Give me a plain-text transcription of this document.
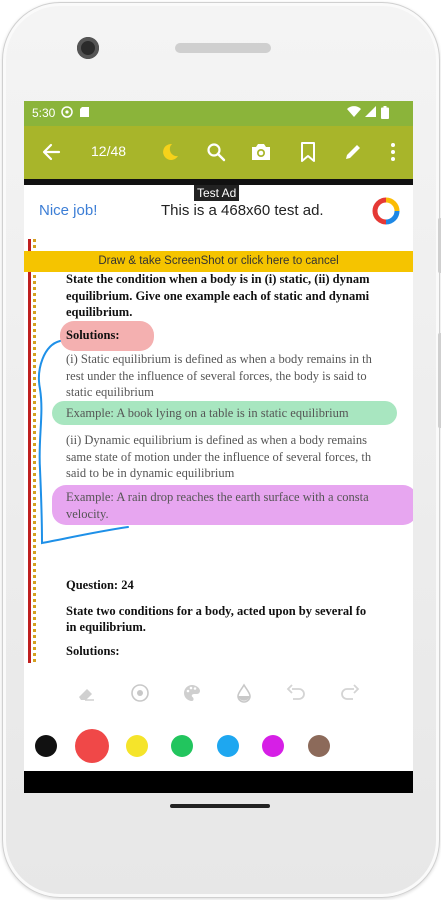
5:30
12/48
Test Ad
Nice job!	This is a 468x60 test ad.
Draw & take ScreenShot or click here to cancel
State the condition when a body is in (i) static, (ii) dynam
equilibrium. Give one example each of static and dynami
equilibrium.
Solutions:
(i) Static equilibrium is defined as when a body remains in th
rest under the influence of several forces, the body is said to
static equilibrium
Example: A book lying on a table is in static equilibrium
(ii) Dynamic equilibrium is defined as when a body remains
same state of motion under the influence of several forces, th
said to be in dynamic equilibrium
Example: A rain drop reaches the earth surface with a consta
velocity.
Question: 24
State two conditions for a body, acted upon by several fo
in equilibrium.
Solutions:
